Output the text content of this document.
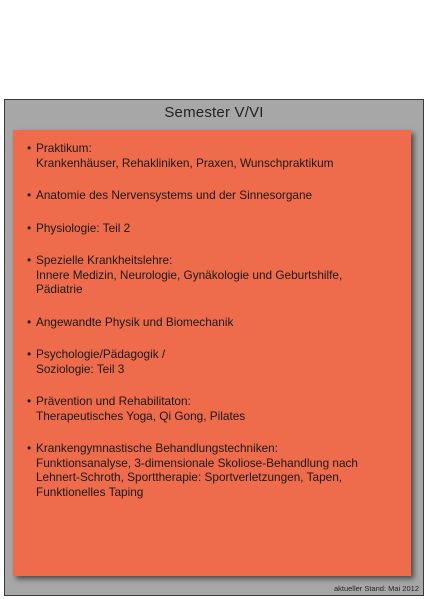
Semester V/VI
• Praktikum:
Krankenhäuser, Rehakliniken, Praxen, Wunschpraktikum
• Anatomie des Nervensystems und der Sinnesorgane
• Physiologie: Teil 2
• Spezielle Krankheitslehre:
Innere Medizin, Neurologie, Gynäkologie und Geburtshilfe,
Pädiatrie
• Angewandte Physik und Biomechanik
• Psychologie/Pädagogik /
Soziologie: Teil 3
• Prävention und Rehabilitaton:
Therapeutisches Yoga, Qi Gong, Pilates
• Krankengymnastische Behandlungstechniken:
Funktionsanalyse, 3-dimensionale Skoliose-Behandlung nach
Lehnert-Schroth, Sporttherapie: Sportverletzungen, Tapen,
Funktionelles Taping
aktueller Stand: Mai 2012
